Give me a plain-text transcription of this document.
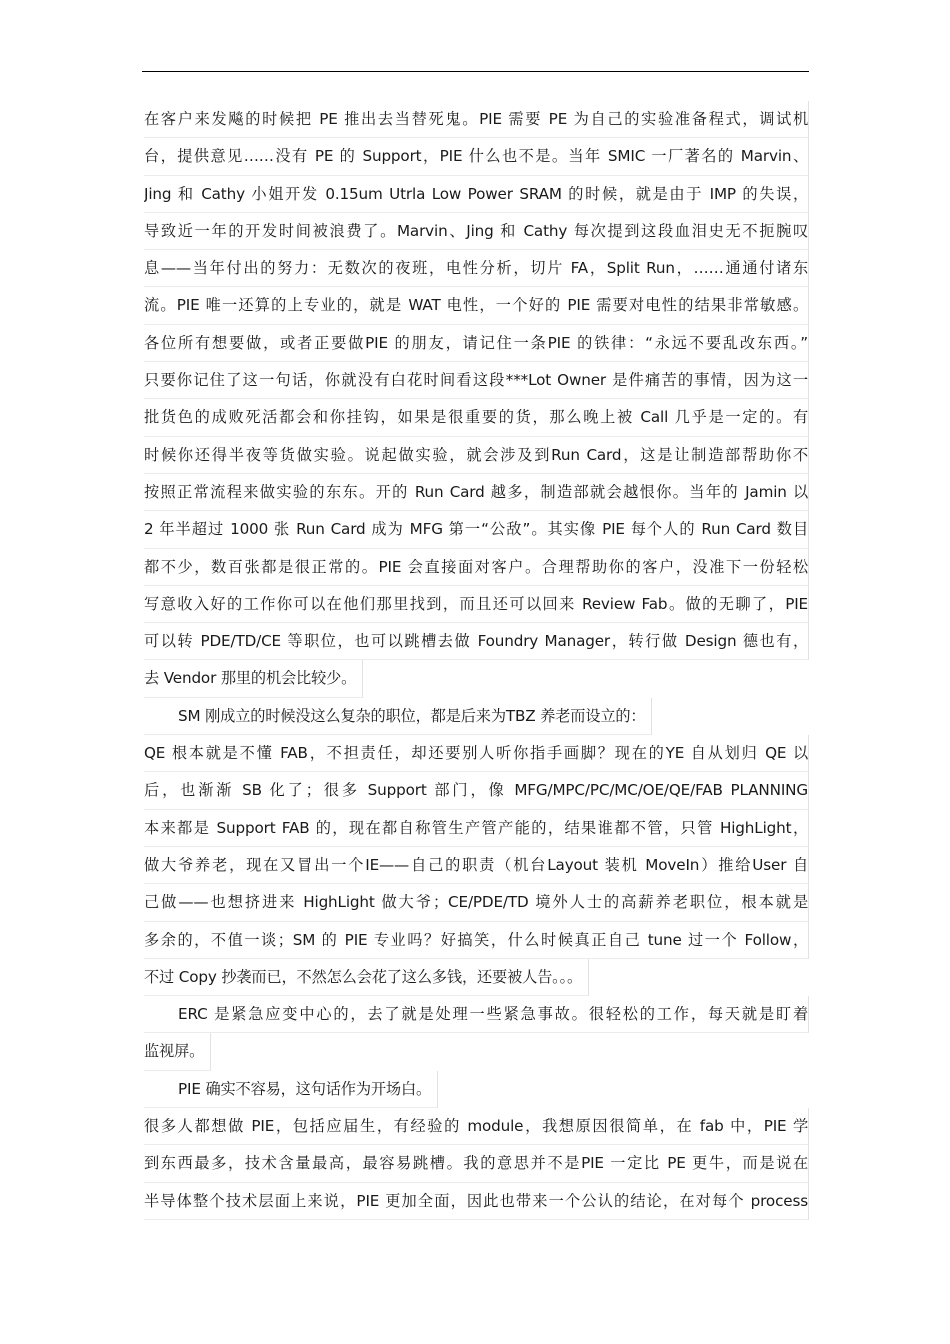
在客户来发飚的时候把 PE 推出去当替死鬼。PIE 需要 PE 为自己的实验准备程式，调试机
台，提供意见……没有 PE 的 Support，PIE 什么也不是。当年 SMIC 一厂著名的 Marvin、
Jing 和 Cathy 小姐开发 0.15um Utrla Low Power SRAM 的时候，就是由于 IMP 的失误，
导致近一年的开发时间被浪费了。Marvin、Jing 和 Cathy 每次提到这段血泪史无不扼腕叹
息——当年付出的努力：无数次的夜班，电性分析，切片 FA，Split Run，……通通付诸东
流。PIE 唯一还算的上专业的，就是 WAT 电性，一个好的 PIE 需要对电性的结果非常敏感。
各位所有想要做，或者正要做PIE 的朋友，请记住一条PIE 的铁律：“永远不要乱改东西。”
只要你记住了这一句话，你就没有白花时间看这段***Lot Owner 是件痛苦的事情，因为这一
批货色的成败死活都会和你挂钩，如果是很重要的货，那么晚上被 Call 几乎是一定的。有
时候你还得半夜等货做实验。说起做实验，就会涉及到Run Card，这是让制造部帮助你不
按照正常流程来做实验的东东。开的 Run Card 越多，制造部就会越恨你。当年的 Jamin 以
2 年半超过 1000 张 Run Card 成为 MFG 第一“公敌”。其实像 PIE 每个人的 Run Card 数目
都不少，数百张都是很正常的。PIE 会直接面对客户。合理帮助你的客户，没准下一份轻松
写意收入好的工作你可以在他们那里找到，而且还可以回来 Review Fab。做的无聊了，PIE
可以转 PDE/TD/CE 等职位，也可以跳槽去做 Foundry Manager，转行做 Design 德也有，
去 Vendor 那里的机会比较少。
SM 刚成立的时候没这么复杂的职位，都是后来为TBZ 养老而设立的：
QE 根本就是不懂 FAB，不担责任，却还要别人听你指手画脚？现在的YE 自从划归 QE 以
后，也渐渐 SB 化了；很多 Support 部门，像 MFG/MPC/PC/MC/OE/QE/FAB PLANNING
本来都是 Support FAB 的，现在都自称管生产管产能的，结果谁都不管，只管 HighLight，
做大爷养老，现在又冒出一个IE——自己的职责（机台Layout 装机 MoveIn）推给User 自
己做——也想挤进来 HighLight 做大爷；CE/PDE/TD 境外人士的高薪养老职位，根本就是
多余的，不值一谈；SM 的 PIE 专业吗？好搞笑，什么时候真正自己 tune 过一个 Follow，
不过 Copy 抄袭而已，不然怎么会花了这么多钱，还要被人告。。。
ERC 是紧急应变中心的，去了就是处理一些紧急事故。很轻松的工作，每天就是盯着
监视屏。
PIE 确实不容易，这句话作为开场白。
很多人都想做 PIE，包括应届生，有经验的 module，我想原因很简单，在 fab 中，PIE 学
到东西最多，技术含量最高，最容易跳槽。我的意思并不是PIE 一定比 PE 更牛，而是说在
半导体整个技术层面上来说，PIE 更加全面，因此也带来一个公认的结论，在对每个 process
